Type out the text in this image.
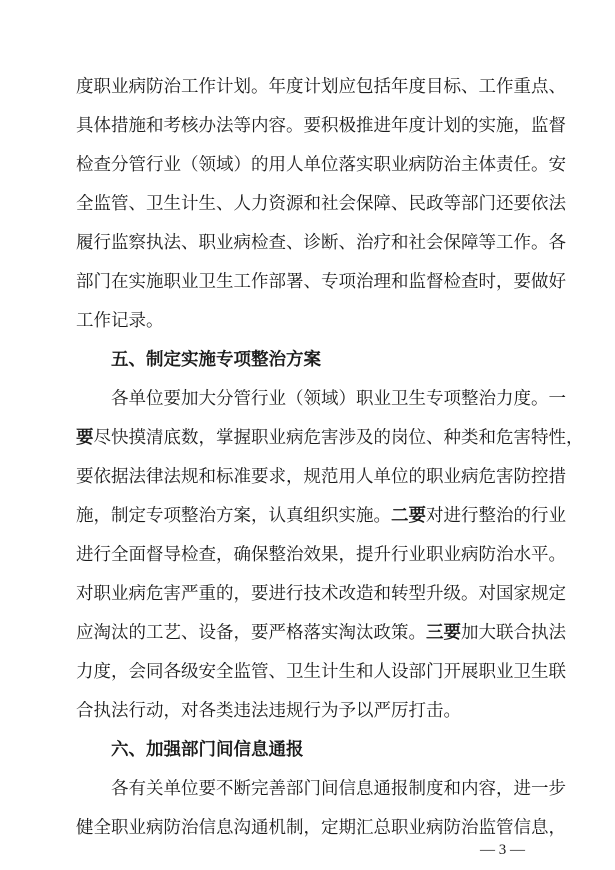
度职业病防治工作计划。年度计划应包括年度目标、工作重点、
具体措施和考核办法等内容。要积极推进年度计划的实施，监督
检查分管行业（领域）的用人单位落实职业病防治主体责任。安
全监管、卫生计生、人力资源和社会保障、民政等部门还要依法
履行监察执法、职业病检查、诊断、治疗和社会保障等工作。各
部门在实施职业卫生工作部署、专项治理和监督检查时，要做好
工作记录。
五、制定实施专项整治方案
各单位要加大分管行业（领域）职业卫生专项整治力度。一
要尽快摸清底数，掌握职业病危害涉及的岗位、种类和危害特性，
要依据法律法规和标准要求，规范用人单位的职业病危害防控措
施，制定专项整治方案，认真组织实施。二要对进行整治的行业
进行全面督导检查，确保整治效果，提升行业职业病防治水平。
对职业病危害严重的，要进行技术改造和转型升级。对国家规定
应淘汰的工艺、设备，要严格落实淘汰政策。三要加大联合执法
力度，会同各级安全监管、卫生计生和人设部门开展职业卫生联
合执法行动，对各类违法违规行为予以严厉打击。
六、加强部门间信息通报
各有关单位要不断完善部门间信息通报制度和内容，进一步
健全职业病防治信息沟通机制，定期汇总职业病防治监管信息，
— 3 —
